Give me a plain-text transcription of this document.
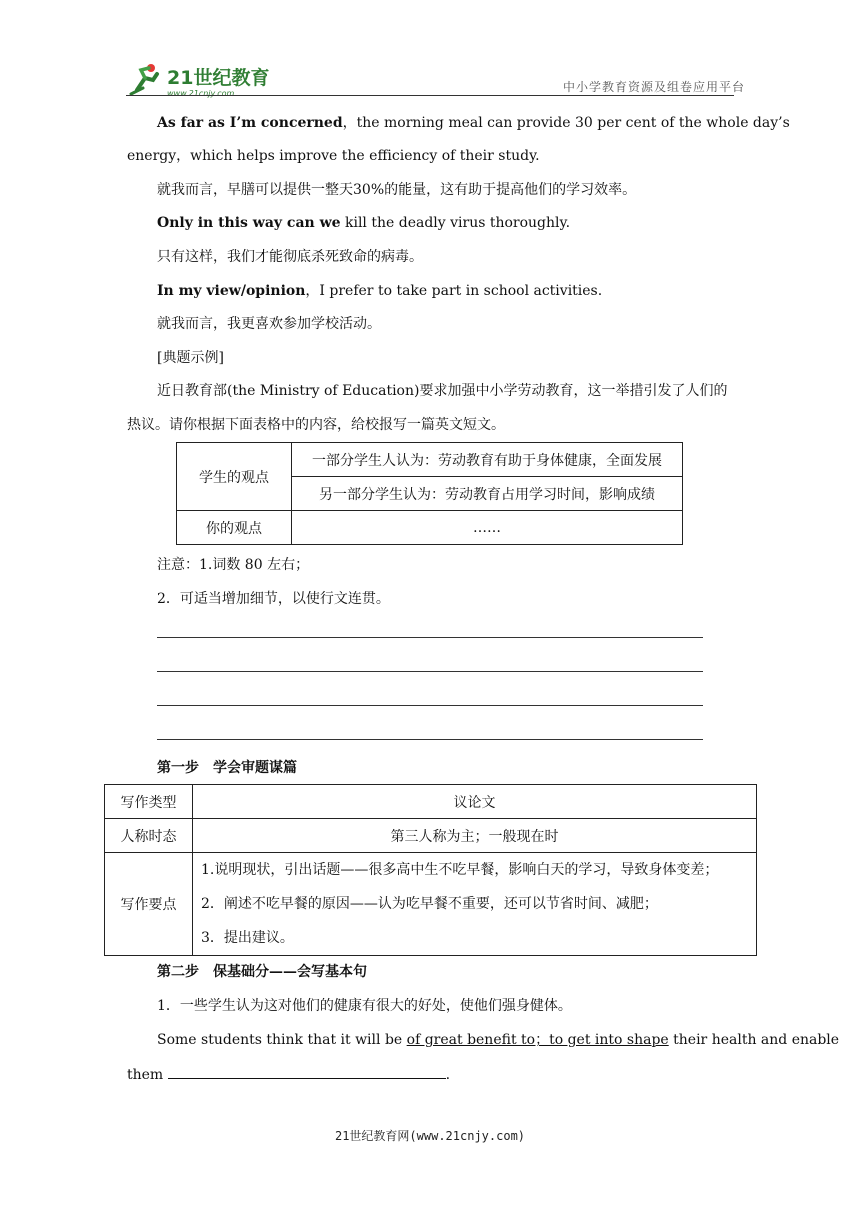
21世纪教育
www.21cnjy.com	中小学教育资源及组卷应用平台
As far as I’m concerned，the morning meal can provide 30 per cent of the whole day’s
energy，which helps improve the efficiency of their study.
就我而言，早膳可以提供一整天30%的能量，这有助于提高他们的学习效率。
Only in this way can we kill the deadly virus thoroughly.
只有这样，我们才能彻底杀死致命的病毒。
In my view/opinion，I prefer to take part in school activities.
就我而言，我更喜欢参加学校活动。
[典题示例]
近日教育部(the Ministry of Education)要求加强中小学劳动教育，这一举措引发了人们的
热议。请你根据下面表格中的内容，给校报写一篇英文短文。
学生的观点	一部分学生人认为：劳动教育有助于身体健康，全面发展
	另一部分学生认为：劳动教育占用学习时间，影响成绩
你的观点	……
注意：1.词数 80 左右；
2．可适当增加细节，以使行文连贯。
第一步　学会审题谋篇
写作类型	议论文
人称时态	第三人称为主；一般现在时
写作要点	1.说明现状，引出话题——很多高中生不吃早餐，影响白天的学习，导致身体变差；
2．阐述不吃早餐的原因——认为吃早餐不重要，还可以节省时间、减肥；
3．提出建议。
第二步　保基础分——会写基本句
1．一些学生认为这对他们的健康有很大的好处，使他们强身健体。
Some students think that it will be of great benefit to；to get into shape their health and enable
them	.
21世纪教育网(www.21cnjy.com)
